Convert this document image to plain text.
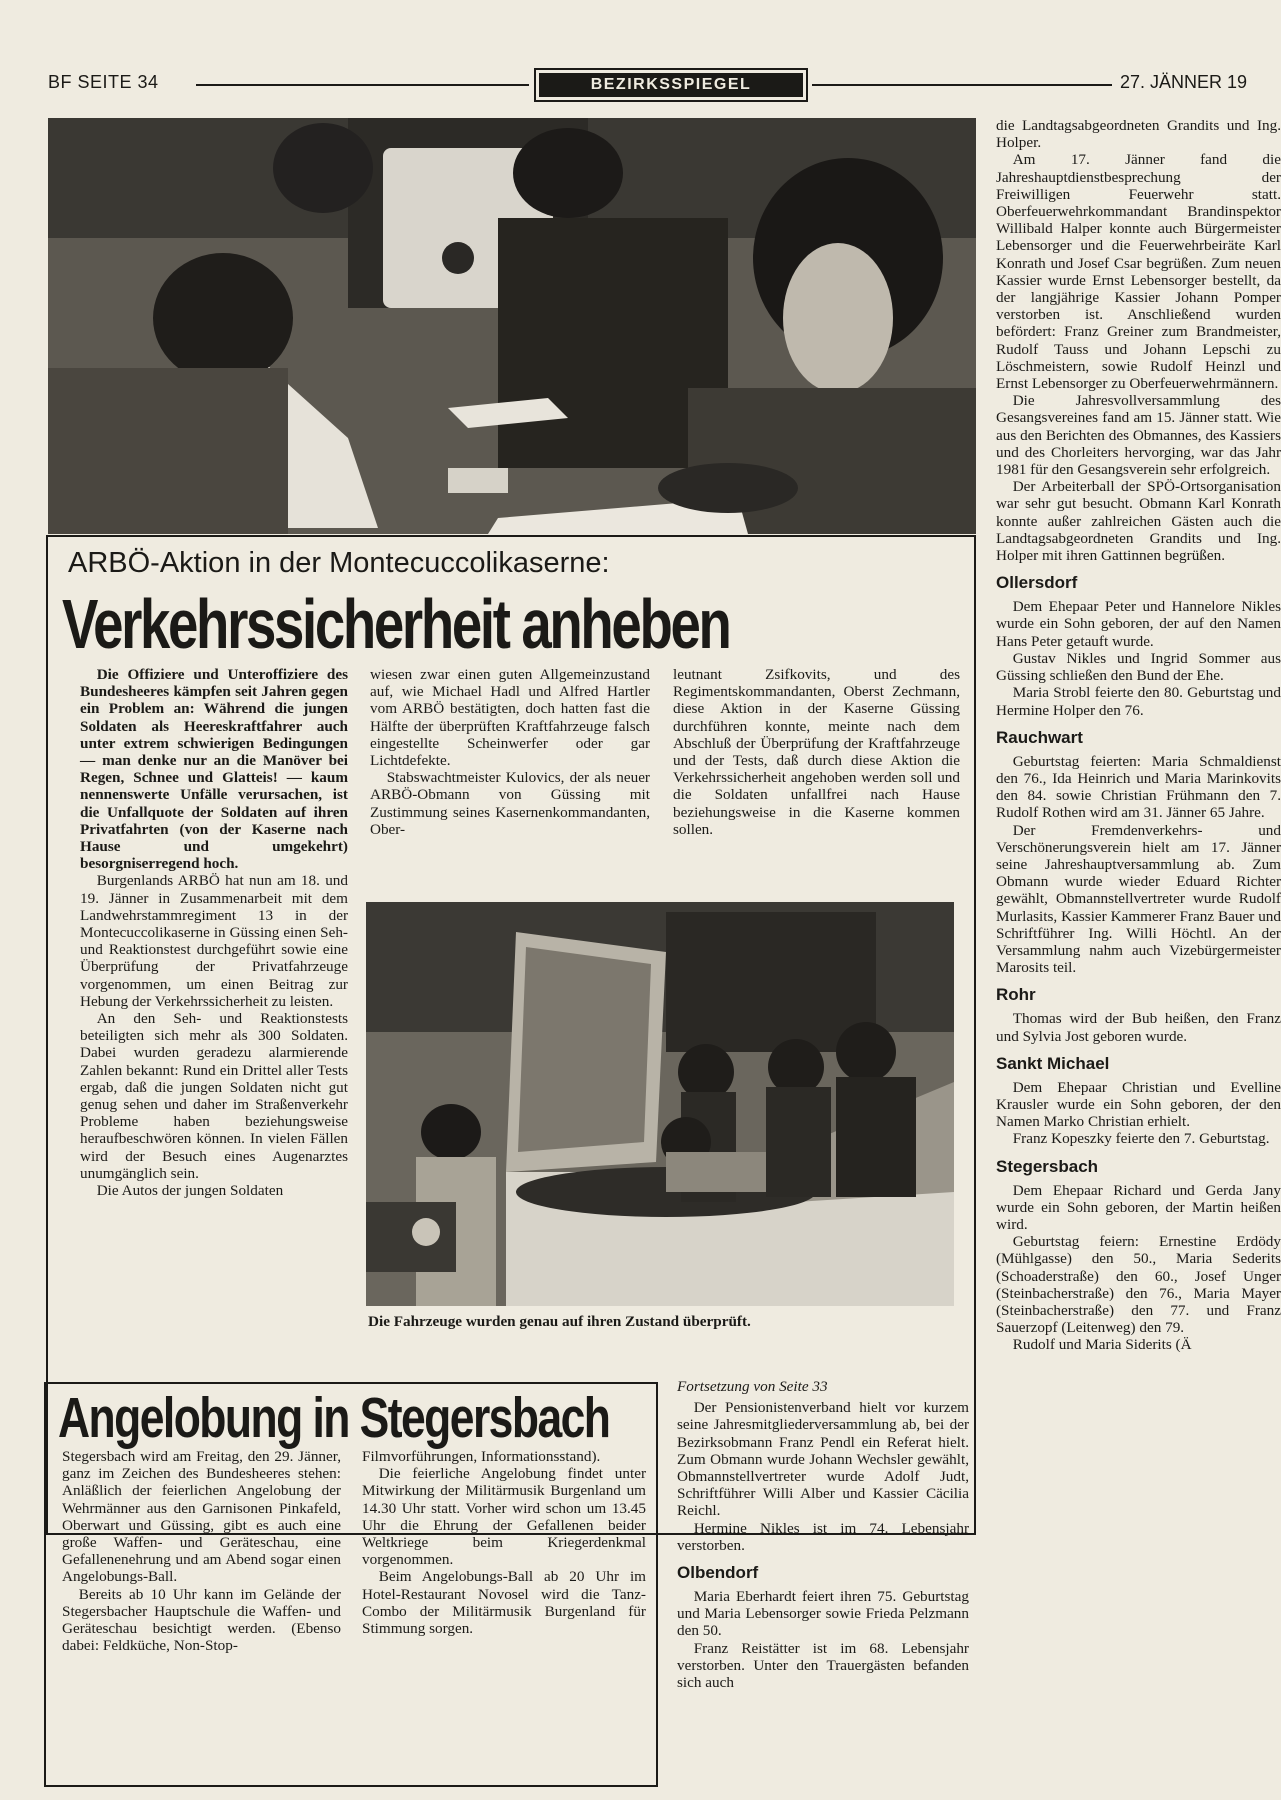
BF SEITE 34	BEZIRKSSPIEGEL	27. JÄNNER 19
ARBÖ-Aktion in der Montecuccolikaserne:
Verkehrssicherheit anheben

Die Offiziere und Unteroffiziere des Bundesheeres kämpfen seit Jahren gegen ein Problem an: Während die jungen Soldaten als Heereskraftfahrer auch unter extrem schwierigen Bedingungen — man denke nur an die Manöver bei Regen, Schnee und Glatteis! — kaum nennenswerte Unfälle verursachen, ist die Unfallquote der Soldaten auf ihren Privatfahrten (von der Kaserne nach Hause und umgekehrt) besorgniserregend hoch.

Burgenlands ARBÖ hat nun am 18. und 19. Jänner in Zusammenarbeit mit dem Landwehrstammregiment 13 in der Montecuccolikaserne in Güssing einen Seh- und Reaktionstest durchgeführt sowie eine Überprüfung der Privatfahrzeuge vorgenommen, um einen Beitrag zur Hebung der Verkehrssicherheit zu leisten.

An den Seh- und Reaktionstests beteiligten sich mehr als 300 Soldaten. Dabei wurden geradezu alarmierende Zahlen bekannt: Rund ein Drittel aller Tests ergab, daß die jungen Soldaten nicht gut genug sehen und daher im Straßenverkehr Probleme haben beziehungsweise heraufbeschwören können. In vielen Fällen wird der Besuch eines Augenarztes unumgänglich sein.

Die Autos der jungen Soldaten

wiesen zwar einen guten Allgemeinzustand auf, wie Michael Hadl und Alfred Hartler vom ARBÖ bestätigten, doch hatten fast die Hälfte der überprüften Kraftfahrzeuge falsch eingestellte Scheinwerfer oder gar Lichtdefekte.

Stabswachtmeister Kulovics, der als neuer ARBÖ-Obmann von Güssing mit Zustimmung seines Kasernenkommandanten, Ober-

leutnant Zsifkovits, und des Regimentskommandanten, Oberst Zechmann, diese Aktion in der Kaserne Güssing durchführen konnte, meinte nach dem Abschluß der Überprüfung der Kraftfahrzeuge und der Tests, daß durch diese Aktion die Verkehrssicherheit angehoben werden soll und die Soldaten unfallfrei nach Hause beziehungsweise in die Kaserne kommen sollen.

Die Fahrzeuge wurden genau auf ihren Zustand überprüft.
Angelobung in Stegersbach

Stegersbach wird am Freitag, den 29. Jänner, ganz im Zeichen des Bundesheeres stehen: Anläßlich der feierlichen Angelobung der Wehrmänner aus den Garnisonen Pinkafeld, Oberwart und Güssing, gibt es auch eine große Waffen- und Geräteschau, eine Gefallenenehrung und am Abend sogar einen Angelobungs-Ball.

Bereits ab 10 Uhr kann im Gelände der Stegersbacher Hauptschule die Waffen- und Geräteschau besichtigt werden. (Ebenso dabei: Feldküche, Non-Stop-

Filmvorführungen, Informationsstand).

Die feierliche Angelobung findet unter Mitwirkung der Militärmusik Burgenland um 14.30 Uhr statt. Vorher wird schon um 13.45 Uhr die Ehrung der Gefallenen beider Weltkriege beim Kriegerdenkmal vorgenommen.

Beim Angelobungs-Ball ab 20 Uhr im Hotel-Restaurant Novosel wird die Tanz-Combo der Militärmusik Burgenland für Stimmung sorgen.

Fortsetzung von Seite 33

Der Pensionistenverband hielt vor kurzem seine Jahresmitgliederversammlung ab, bei der Bezirksobmann Franz Pendl ein Referat hielt. Zum Obmann wurde Johann Wechsler gewählt, Obmannstellvertreter wurde Adolf Judt, Schriftführer Willi Alber und Kassier Cäcilia Reichl.

Hermine Nikles ist im 74. Lebensjahr verstorben.

Olbendorf

Maria Eberhardt feiert ihren 75. Geburtstag und Maria Lebensorger sowie Frieda Pelzmann den 50.

Franz Reistätter ist im 68. Lebensjahr verstorben. Unter den Trauergästen befanden sich auch

die Landtagsabgeordneten Grandits und Ing. Holper.

Am 17. Jänner fand die Jahreshauptdienstbesprechung der Freiwilligen Feuerwehr statt. Oberfeuerwehrkommandant Brandinspektor Willibald Halper konnte auch Bürgermeister Lebensorger und die Feuerwehrbeiräte Karl Konrath und Josef Csar begrüßen. Zum neuen Kassier wurde Ernst Lebensorger bestellt, da der langjährige Kassier Johann Pomper verstorben ist. Anschließend wurden befördert: Franz Greiner zum Brandmeister, Rudolf Tauss und Johann Lepschi zu Löschmeistern, sowie Rudolf Heinzl und Ernst Lebensorger zu Oberfeuerwehrmännern.

Die Jahresvollversammlung des Gesangsvereines fand am 15. Jänner statt. Wie aus den Berichten des Obmannes, des Kassiers und des Chorleiters hervorging, war das Jahr 1981 für den Gesangsverein sehr erfolgreich.

Der Arbeiterball der SPÖ-Ortsorganisation war sehr gut besucht. Obmann Karl Konrath konnte außer zahlreichen Gästen auch die Landtagsabgeordneten Grandits und Ing. Holper mit ihren Gattinnen begrüßen.

Ollersdorf

Dem Ehepaar Peter und Hannelore Nikles wurde ein Sohn geboren, der auf den Namen Hans Peter getauft wurde.

Gustav Nikles und Ingrid Sommer aus Güssing schließen den Bund der Ehe.

Maria Strobl feierte den 80. Geburtstag und Hermine Holper den 76.

Rauchwart

Geburtstag feierten: Maria Schmaldienst den 76., Ida Heinrich und Maria Marinkovits den 84. sowie Christian Frühmann den 7. Rudolf Rothen wird am 31. Jänner 65 Jahre.

Der Fremdenverkehrs- und Verschönerungsverein hielt am 17. Jänner seine Jahreshauptversammlung ab. Zum Obmann wurde wieder Eduard Richter gewählt, Obmannstellvertreter wurde Rudolf Murlasits, Kassier Kammerer Franz Bauer und Schriftführer Ing. Willi Höchtl. An der Versammlung nahm auch Vizebürgermeister Marosits teil.

Rohr

Thomas wird der Bub heißen, den Franz und Sylvia Jost geboren wurde.

Sankt Michael

Dem Ehepaar Christian und Evelline Krausler wurde ein Sohn geboren, der den Namen Marko Christian erhielt.

Franz Kopeszky feierte den 7. Geburtstag.

Stegersbach

Dem Ehepaar Richard und Gerda Jany wurde ein Sohn geboren, der Martin heißen wird.

Geburtstag feiern: Ernestine Erdödy (Mühlgasse) den 50., Maria Sederits (Schoaderstraße) den 60., Josef Unger (Steinbacherstraße) den 76., Maria Mayer (Steinbacherstraße) den 77. und Franz Sauerzopf (Leitenweg) den 79.

Rudolf und Maria Siderits (Ä
